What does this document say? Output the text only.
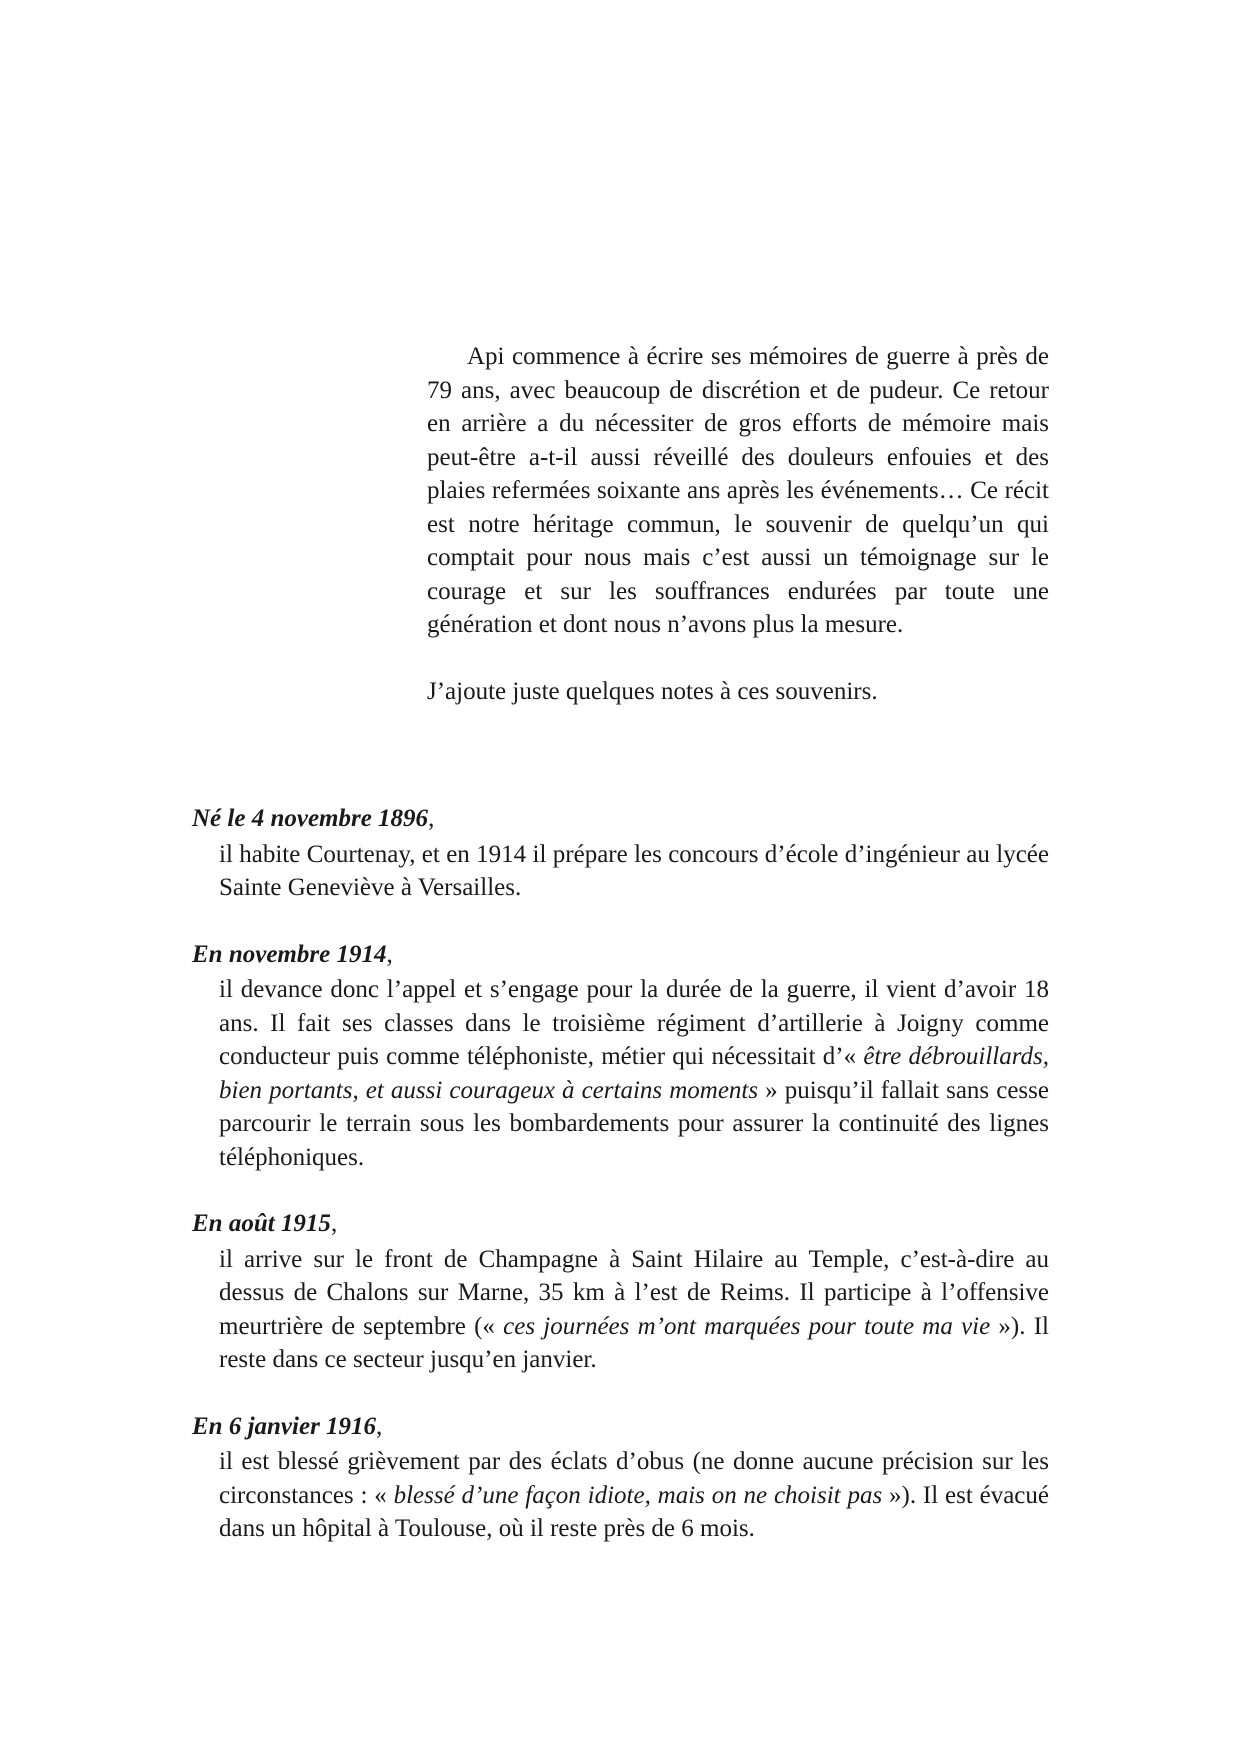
Api commence à écrire ses mémoires de guerre à près de 79 ans, avec beaucoup de discrétion et de pudeur. Ce retour en arrière a du nécessiter de gros efforts de mémoire mais peut-être a-t-il aussi réveillé des douleurs enfouies et des plaies refermées soixante ans après les événements… Ce récit est notre héritage commun, le souvenir de quelqu’un qui comptait pour nous mais c’est aussi un témoignage sur le courage et sur les souffrances endurées par toute une génération et dont nous n’avons plus la mesure.

J’ajoute juste quelques notes à ces souvenirs.

Né le 4 novembre 1896,
il habite Courtenay, et en 1914 il prépare les concours d’école d’ingénieur au lycée Sainte Geneviève à Versailles.
En novembre 1914,
il devance donc l’appel et s’engage pour la durée de la guerre, il vient d’avoir 18 ans. Il fait ses classes dans le troisième régiment d’artillerie à Joigny comme conducteur puis comme téléphoniste, métier qui nécessitait d’« être débrouillards, bien portants, et aussi courageux à certains moments » puisqu’il fallait sans cesse parcourir le terrain sous les bombardements pour assurer la continuité des lignes téléphoniques.
En août 1915,
il arrive sur le front de Champagne à Saint Hilaire au Temple, c’est-à-dire au dessus de Chalons sur Marne, 35 km à l’est de Reims. Il participe à l’offensive meurtrière de septembre (« ces journées m’ont marquées pour toute ma vie »). Il reste dans ce secteur jusqu’en janvier.
En 6 janvier 1916,
il est blessé grièvement par des éclats d’obus (ne donne aucune précision sur les circonstances : « blessé d’une façon idiote, mais on ne choisit pas »). Il est évacué dans un hôpital à Toulouse, où il reste près de 6 mois.
